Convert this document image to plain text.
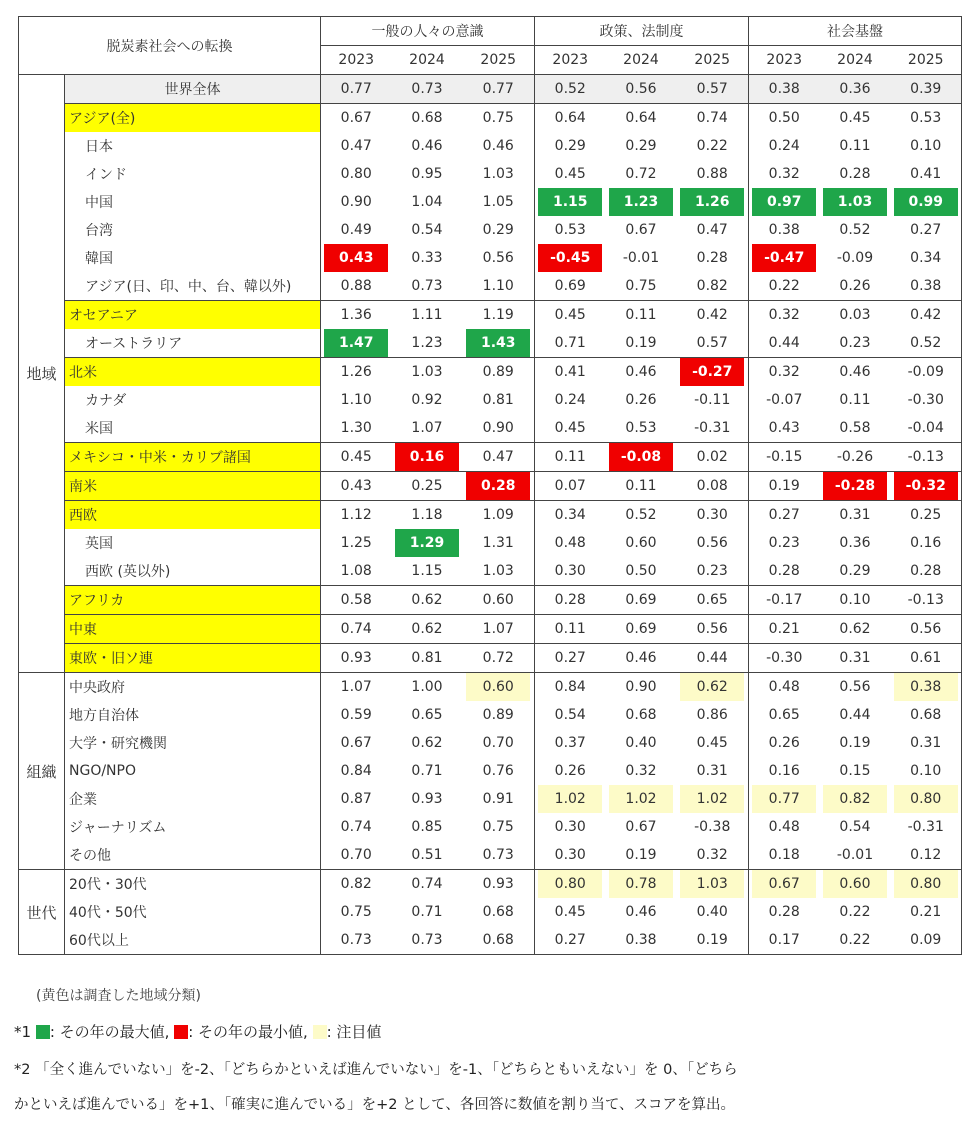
脱炭素社会への転換		一般の人々の意識			政策、法制度			社会基盤		
		2023	2024	2025	2023	2024	2025	2023	2024	2025
地域	世界全体	0.77	0.73	0.77	0.52	0.56	0.57	0.38	0.36	0.39
	アジア(全)	0.67	0.68	0.75	0.64	0.64	0.74	0.50	0.45	0.53
	日本	0.47	0.46	0.46	0.29	0.29	0.22	0.24	0.11	0.10
	インド	0.80	0.95	1.03	0.45	0.72	0.88	0.32	0.28	0.41
	中国	0.90	1.04	1.05	1.15	1.23	1.26	0.97	1.03	0.99
	台湾	0.49	0.54	0.29	0.53	0.67	0.47	0.38	0.52	0.27
	韓国	0.43	0.33	0.56	-0.45	-0.01	0.28	-0.47	-0.09	0.34
	アジア(日、印、中、台、韓以外)	0.88	0.73	1.10	0.69	0.75	0.82	0.22	0.26	0.38
	オセアニア	1.36	1.11	1.19	0.45	0.11	0.42	0.32	0.03	0.42
	オーストラリア	1.47	1.23	1.43	0.71	0.19	0.57	0.44	0.23	0.52
	北米	1.26	1.03	0.89	0.41	0.46	-0.27	0.32	0.46	-0.09
	カナダ	1.10	0.92	0.81	0.24	0.26	-0.11	-0.07	0.11	-0.30
	米国	1.30	1.07	0.90	0.45	0.53	-0.31	0.43	0.58	-0.04
	メキシコ・中米・カリブ諸国	0.45	0.16	0.47	0.11	-0.08	0.02	-0.15	-0.26	-0.13
	南米	0.43	0.25	0.28	0.07	0.11	0.08	0.19	-0.28	-0.32
	西欧	1.12	1.18	1.09	0.34	0.52	0.30	0.27	0.31	0.25
	英国	1.25	1.29	1.31	0.48	0.60	0.56	0.23	0.36	0.16
	西欧 (英以外)	1.08	1.15	1.03	0.30	0.50	0.23	0.28	0.29	0.28
	アフリカ	0.58	0.62	0.60	0.28	0.69	0.65	-0.17	0.10	-0.13
	中東	0.74	0.62	1.07	0.11	0.69	0.56	0.21	0.62	0.56
	東欧・旧ソ連	0.93	0.81	0.72	0.27	0.46	0.44	-0.30	0.31	0.61
組織	中央政府	1.07	1.00	0.60	0.84	0.90	0.62	0.48	0.56	0.38
	地方自治体	0.59	0.65	0.89	0.54	0.68	0.86	0.65	0.44	0.68
	大学・研究機関	0.67	0.62	0.70	0.37	0.40	0.45	0.26	0.19	0.31
	NGO/NPO	0.84	0.71	0.76	0.26	0.32	0.31	0.16	0.15	0.10
	企業	0.87	0.93	0.91	1.02	1.02	1.02	0.77	0.82	0.80
	ジャーナリズム	0.74	0.85	0.75	0.30	0.67	-0.38	0.48	0.54	-0.31
	その他	0.70	0.51	0.73	0.30	0.19	0.32	0.18	-0.01	0.12
世代	20代・30代	0.82	0.74	0.93	0.80	0.78	1.03	0.67	0.60	0.80
	40代・50代	0.75	0.71	0.68	0.45	0.46	0.40	0.28	0.22	0.21
	60代以上	0.73	0.73	0.68	0.27	0.38	0.19	0.17	0.22	0.09
(黄色は調査した地域分類)
*1 : その年の最大値, : その年の最小値, : 注目値
*2 「全く進んでいない」を-2、「どちらかといえば進んでいない」を-1、「どちらともいえない」を 0、「どちら
かといえば進んでいる」を+1、「確実に進んでいる」を+2 として、各回答に数値を割り当て、スコアを算出。
